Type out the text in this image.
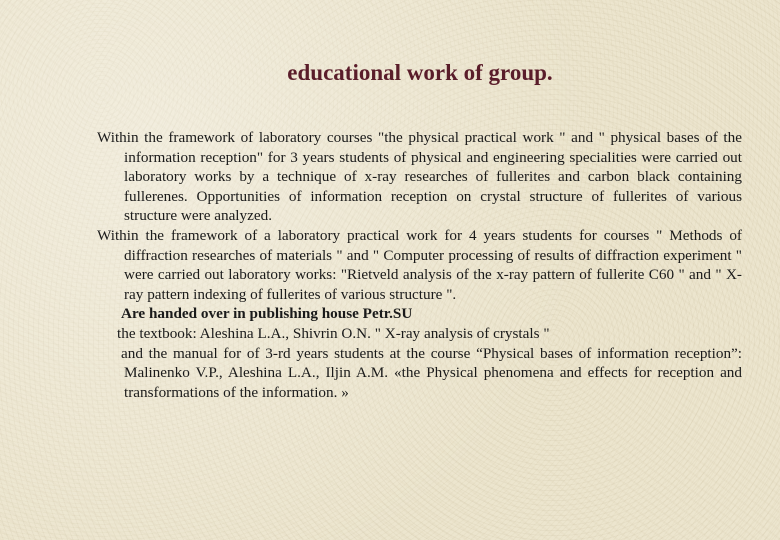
educational work of group.

Within the framework of laboratory courses "the physical practical work " and " physical bases of the information reception" for 3 years students of physical and engineering specialities were carried out laboratory works by a technique of x-ray researches of fullerites and carbon black containing fullerenes. Opportunities of information reception on crystal structure of fullerites of various structure were analyzed.

Within the framework of a laboratory practical work for 4 years students for courses " Methods of diffraction researches of materials " and " Computer processing of results of diffraction experiment " were carried out laboratory works: "Rietveld analysis of the x-ray pattern of fullerite C60 " and " X-ray pattern indexing of fullerites of various structure ".

Are handed over in publishing house Petr.SU

the textbook: Aleshina L.A., Shivrin O.N. " X-ray analysis of crystals "

and the manual for of 3-rd years students at the course “Physical bases of information reception”: Malinenko V.P., Aleshina L.A., Iljin A.M. «the Physical phenomena and effects for reception and transformations of the information. »
